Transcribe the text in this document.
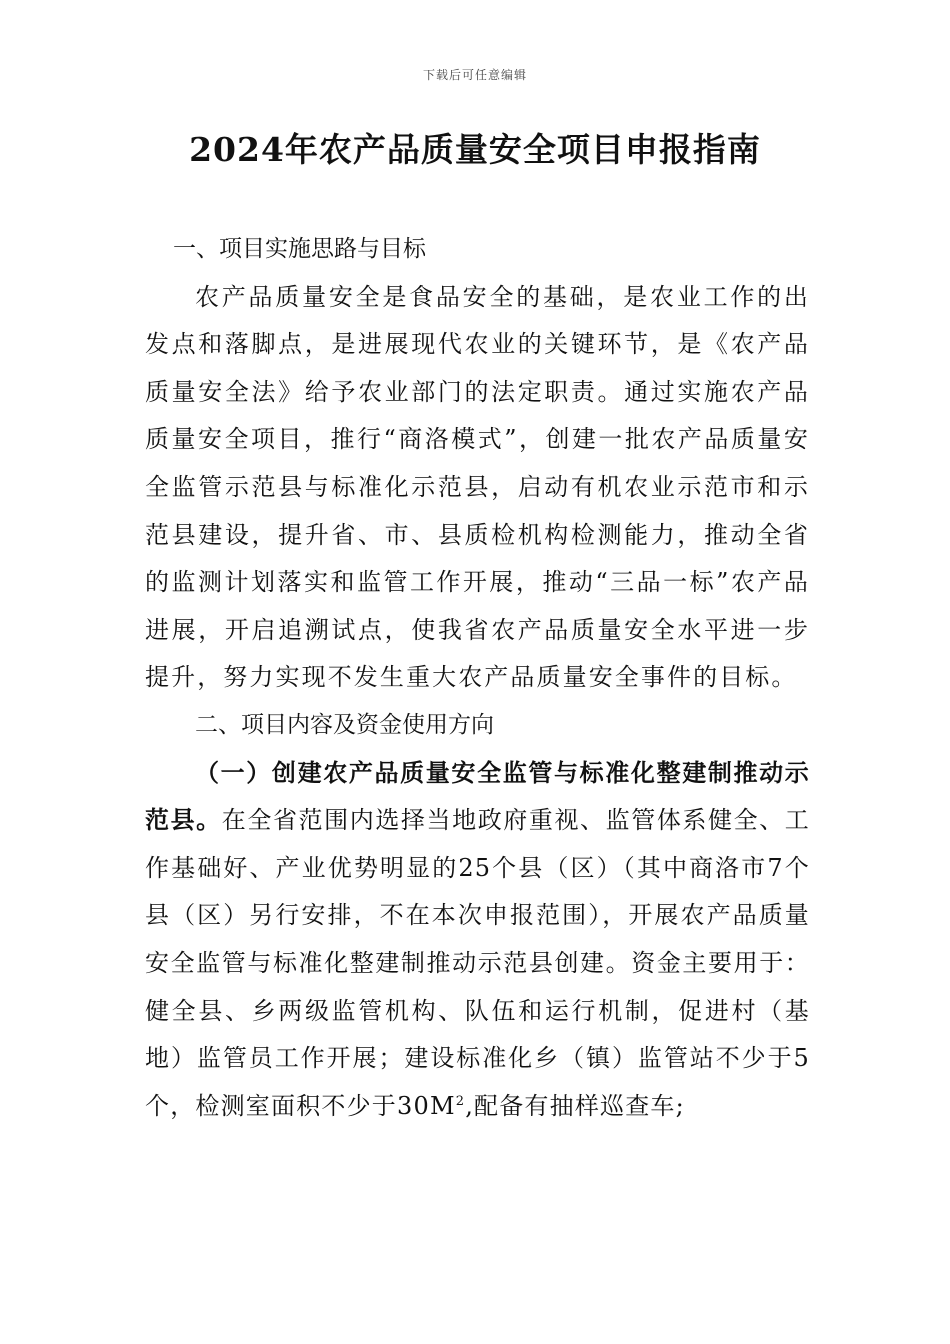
下载后可任意编辑
2024年农产品质量安全项目申报指南

一、项目实施思路与目标

农产品质量安全是食品安全的基础，是农业工作的出发点和落脚点，是进展现代农业的关键环节，是《农产品质量安全法》给予农业部门的法定职责。通过实施农产品质量安全项目，推行“商洛模式”，创建一批农产品质量安全监管示范县与标准化示范县，启动有机农业示范市和示范县建设，提升省、市、县质检机构检测能力，推动全省的监测计划落实和监管工作开展，推动“三品一标”农产品进展，开启追溯试点，使我省农产品质量安全水平进一步提升，努力实现不发生重大农产品质量安全事件的目标。

二、项目内容及资金使用方向

（一）创建农产品质量安全监管与标准化整建制推动示范县。在全省范围内选择当地政府重视、监管体系健全、工作基础好、产业优势明显的25个县（区）（其中商洛市7个县（区）另行安排，不在本次申报范围），开展农产品质量安全监管与标准化整建制推动示范县创建。资金主要用于：健全县、乡两级监管机构、队伍和运行机制，促进村（基地）监管员工作开展；建设标准化乡（镇）监管站不少于5个，检测室面积不少于$30M^2$,配备有抽样巡查车;
